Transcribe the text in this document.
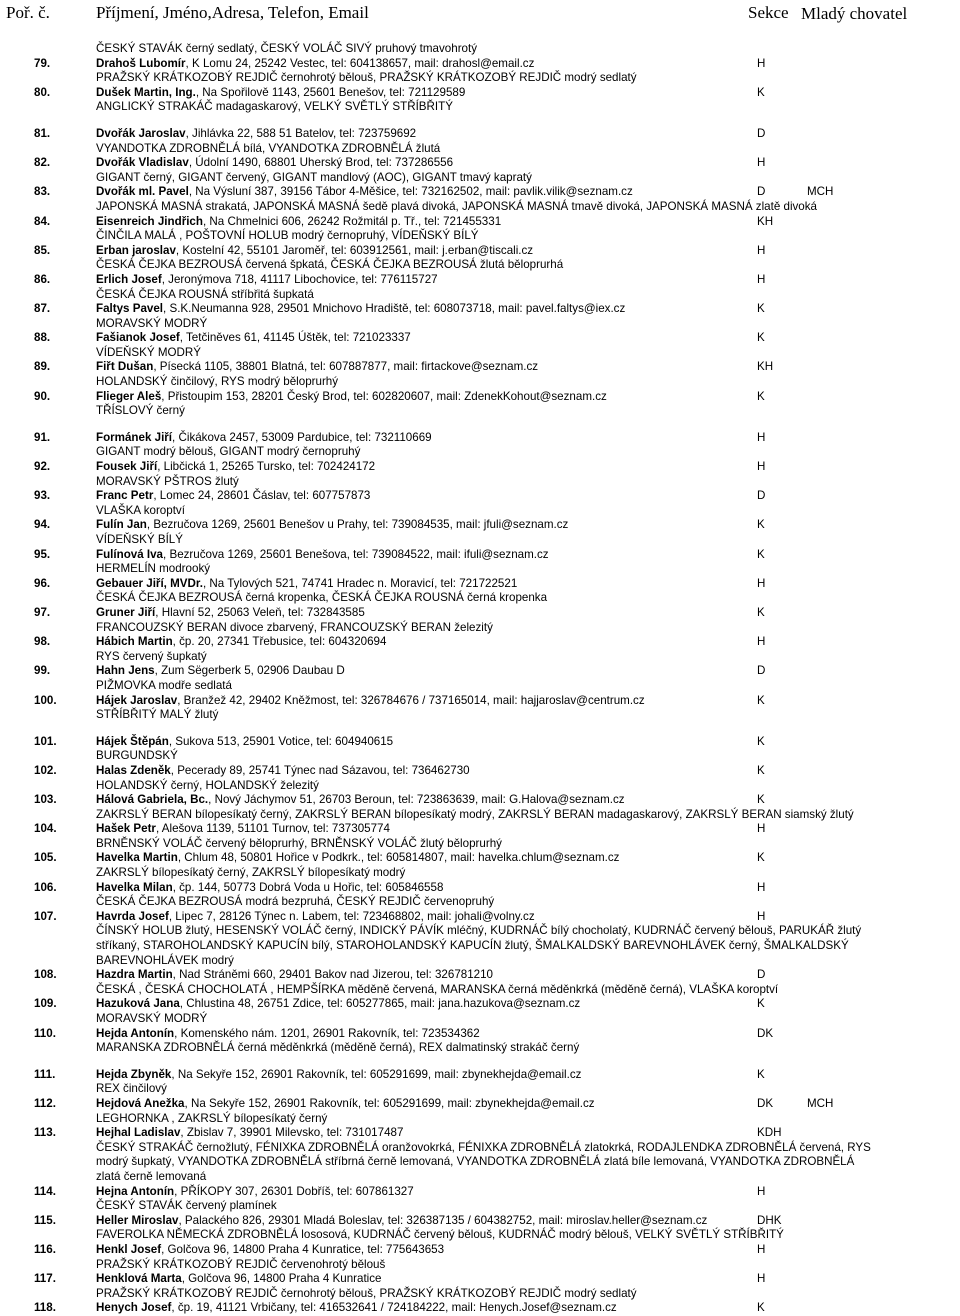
Poř. č.	Příjmení, Jméno,Adresa, Telefon, Email	Sekce Mladý chovatel
ČESKÝ STAVÁK černý sedlatý, ČESKÝ VOLÁČ SIVÝ pruhový tmavohrotý
79.	Drahoš Lubomír, K Lomu 24, 25242 Vestec, tel: 604138657, mail: drahosl@email.cz	H
PRAŽSKÝ KRÁTKOZOBÝ REJDIČ černohrotý bělouš, PRAŽSKÝ KRÁTKOZOBÝ REJDIČ modrý sedlatý
80.	Dušek Martin, Ing., Na Spořilově 1143, 25601 Benešov, tel: 721129589	K
ANGLICKÝ STRAKÁČ madagaskarový, VELKÝ SVĚTLÝ STŘÍBŘITÝ
81.	Dvořák Jaroslav, Jihlávka 22, 588 51 Batelov, tel: 723759692	D
VYANDOTKA ZDROBNĚLÁ bílá, VYANDOTKA ZDROBNĚLÁ žlutá
82.	Dvořák Vladislav, Údolní 1490, 68801 Uherský Brod, tel: 737286556	H
GIGANT černý, GIGANT červený, GIGANT mandlový (AOC), GIGANT tmavý kapratý
83.	Dvořák ml. Pavel, Na Výsluní 387, 39156 Tábor 4-Měšice, tel: 732162502, mail: pavlik.vilik@seznam.cz	D	MCH
JAPONSKÁ MASNÁ strakatá, JAPONSKÁ MASNÁ šedě plavá divoká, JAPONSKÁ MASNÁ tmavě divoká, JAPONSKÁ MASNÁ zlatě divoká
84.	Eisenreich Jindřich, Na Chmelnici 606, 26242 Rožmitál p. Tř., tel: 721455331	KH
ČINČILA MALÁ , POŠTOVNÍ HOLUB modrý černopruhý, VÍDEŇSKÝ BÍLÝ
85.	Erban jaroslav, Kostelní 42, 55101 Jaroměř, tel: 603912561, mail: j.erban@tiscali.cz	H
ČESKÁ ČEJKA BEZROUSÁ červená špkatá, ČESKÁ ČEJKA BEZROUSÁ žlutá běloprurhá
86.	Erlich Josef, Jeronýmova 718, 41117 Libochovice, tel: 776115727	H
ČESKÁ ČEJKA ROUSNÁ stříbřitá šupkatá
87.	Faltys Pavel, S.K.Neumanna 928, 29501 Mnichovo Hradiště, tel: 608073718, mail: pavel.faltys@iex.cz	K
MORAVSKÝ MODRÝ
88.	Fašianok Josef, Tetčiněves 61, 41145 Úštěk, tel: 721023337	K
VÍDEŇSKÝ MODRÝ
89.	Fiřt Dušan, Písecká 1105, 38801 Blatná, tel: 607887877, mail: firtackove@seznam.cz	KH
HOLANDSKÝ činčilový, RYS modrý běloprurhý
90.	Flieger Aleš, Přistoupim 153, 28201 Český Brod, tel: 602820607, mail: ZdenekKohout@seznam.cz	K
TŘÍSLOVÝ černý
91.	Formánek Jiří, Čikákova 2457, 53009 Pardubice, tel: 732110669	H
GIGANT modrý bělouš, GIGANT modrý černopruhý
92.	Fousek Jiří, Libčická 1, 25265 Tursko, tel: 702424172	H
MORAVSKÝ PŠTROS žlutý
93.	Franc Petr, Lomec 24, 28601 Čáslav, tel: 607757873	D
VLAŠKA koroptví
94.	Fulín Jan, Bezručova 1269, 25601 Benešov u Prahy, tel: 739084535, mail: jfuli@seznam.cz	K
VÍDEŇSKÝ BÍLÝ
95.	Fulínová Iva, Bezručova 1269, 25601 Benešova, tel: 739084522, mail: ifuli@seznam.cz	K
HERMELÍN modrooký
96.	Gebauer Jiří, MVDr., Na Tylových 521, 74741 Hradec n. Moravicí, tel: 721722521	H
ČESKÁ ČEJKA BEZROUSÁ černá kropenka, ČESKÁ ČEJKA ROUSNÁ černá kropenka
97.	Gruner Jiří, Hlavní 52, 25063 Veleň, tel: 732843585	K
FRANCOUZSKÝ BERAN divoce zbarvený, FRANCOUZSKÝ BERAN železitý
98.	Hábich Martin, čp. 20, 27341 Třebusice, tel: 604320694	H
RYS červený šupkatý
99.	Hahn Jens, Zum Sëgerberk 5, 02906 Daubau D	D
PIŽMOVKA modře sedlatá
100.	Hájek Jaroslav, Branžež 42, 29402 Kněžmost, tel: 326784676 / 737165014, mail: hajjaroslav@centrum.cz	K
STŘÍBŘITÝ MALÝ žlutý
101.	Hájek Štěpán, Sukova 513, 25901 Votice, tel: 604940615	K
BURGUNDSKÝ
102.	Halas Zdeněk, Pecerady 89, 25741 Týnec nad Sázavou, tel: 736462730	K
HOLANDSKÝ černý, HOLANDSKÝ železitý
103.	Hálová Gabriela, Bc., Nový Jáchymov 51, 26703 Beroun, tel: 723863639, mail: G.Halova@seznam.cz	K
ZAKRSLÝ BERAN bílopesíkatý černý, ZAKRSLÝ BERAN bílopesíkatý modrý, ZAKRSLÝ BERAN madagaskarový, ZAKRSLÝ BERAN siamský žlutý
104.	Hašek Petr, Alešova 1139, 51101 Turnov, tel: 737305774	H
BRNĚNSKÝ VOLÁČ červený běloprurhý, BRNĚNSKÝ VOLÁČ žlutý běloprurhý
105.	Havelka Martin, Chlum 48, 50801 Hořice v Podkrk., tel: 605814807, mail: havelka.chlum@seznam.cz	K
ZAKRSLÝ bílopesíkatý černý, ZAKRSLÝ bílopesíkatý modrý
106.	Havelka Milan, čp. 144, 50773 Dobrá Voda u Hořic, tel: 605846558	H
ČESKÁ ČEJKA BEZROUSÁ modrá bezpruhá, ČESKÝ REJDIČ červenopruhý
107.	Havrda Josef, Lipec 7, 28126 Týnec n. Labem, tel: 723468802, mail: johali@volny.cz	H
ČÍNSKÝ HOLUB žlutý, HESENSKÝ VOLÁČ černý, INDICKÝ PÁVÍK mléčný, KUDRNÁČ bílý chocholatý, KUDRNÁČ červený bělouš, PARUKÁŘ žlutý stříkaný, STAROHOLANDSKÝ KAPUCÍN bílý, STAROHOLANDSKÝ KAPUCÍN žlutý, ŠMALKALDSKÝ BAREVNOHLÁVEK černý, ŠMALKALDSKÝ BAREVNOHLÁVEK modrý
108.	Hazdra Martin, Nad Stráněmi 660, 29401 Bakov nad Jizerou, tel: 326781210	D
ČESKÁ , ČESKÁ CHOCHOLATÁ , HEMPŠÍRKA měděně červená, MARANSKA černá měděnkrká (měděně černá), VLAŠKA koroptví
109.	Hazuková Jana, Chlustina 48, 26751 Zdice, tel: 605277865, mail: jana.hazukova@seznam.cz	K
MORAVSKÝ MODRÝ
110.	Hejda Antonín, Komenského nám. 1201, 26901 Rakovník, tel: 723534362	DK
MARANSKA ZDROBNĚLÁ černá měděnkrká (měděně černá), REX dalmatinský strakáč černý
111.	Hejda Zbyněk, Na Sekyře 152, 26901 Rakovník, tel: 605291699, mail: zbynekhejda@email.cz	K
REX činčilový
112.	Hejdová Anežka, Na Sekyře 152, 26901 Rakovník, tel: 605291699, mail: zbynekhejda@email.cz	DK	MCH
LEGHORNKA , ZAKRSLÝ bílopesíkatý černý
113.	Hejhal Ladislav, Zbislav 7, 39901 Milevsko, tel: 731017487	KDH
ČESKÝ STRAKÁČ černožlutý, FÉNIXKA ZDROBNĚLÁ oranžovokrká, FÉNIXKA ZDROBNĚLÁ zlatokrká, RODAJLENDKA ZDROBNĚLÁ červená, RYS modrý šupkatý, VYANDOTKA ZDROBNĚLÁ stříbrná černě lemovaná, VYANDOTKA ZDROBNĚLÁ zlatá bíle lemovaná, VYANDOTKA ZDROBNĚLÁ zlatá černě lemovaná
114.	Hejna Antonín, PŘÍKOPY 307, 26301 Dobříš, tel: 607861327	H
ČESKÝ STAVÁK červený plamínek
115.	Heller Miroslav, Palackého 826, 29301 Mladá Boleslav, tel: 326387135 / 604382752, mail: miroslav.heller@seznam.cz	DHK
FAVEROLKA NĚMECKÁ ZDROBNĚLÁ lososová, KUDRNÁČ červený bělouš, KUDRNÁČ modrý bělouš, VELKÝ SVĚTLÝ STŘÍBŘITÝ
116.	Henkl Josef, Golčova 96, 14800 Praha 4 Kunratice, tel: 775643653	H
PRAŽSKÝ KRÁTKOZOBÝ REJDIČ červenohrotý bělouš
117.	Henklová Marta, Golčova 96, 14800 Praha 4 Kunratice	H
PRAŽSKÝ KRÁTKOZOBÝ REJDIČ černohrotý bělouš, PRAŽSKÝ KRÁTKOZOBÝ REJDIČ modrý sedlatý
118.	Henych Josef, čp. 19, 41121 Vrbičany, tel: 416532641 / 724184222, mail: Henych.Josef@seznam.cz	K
